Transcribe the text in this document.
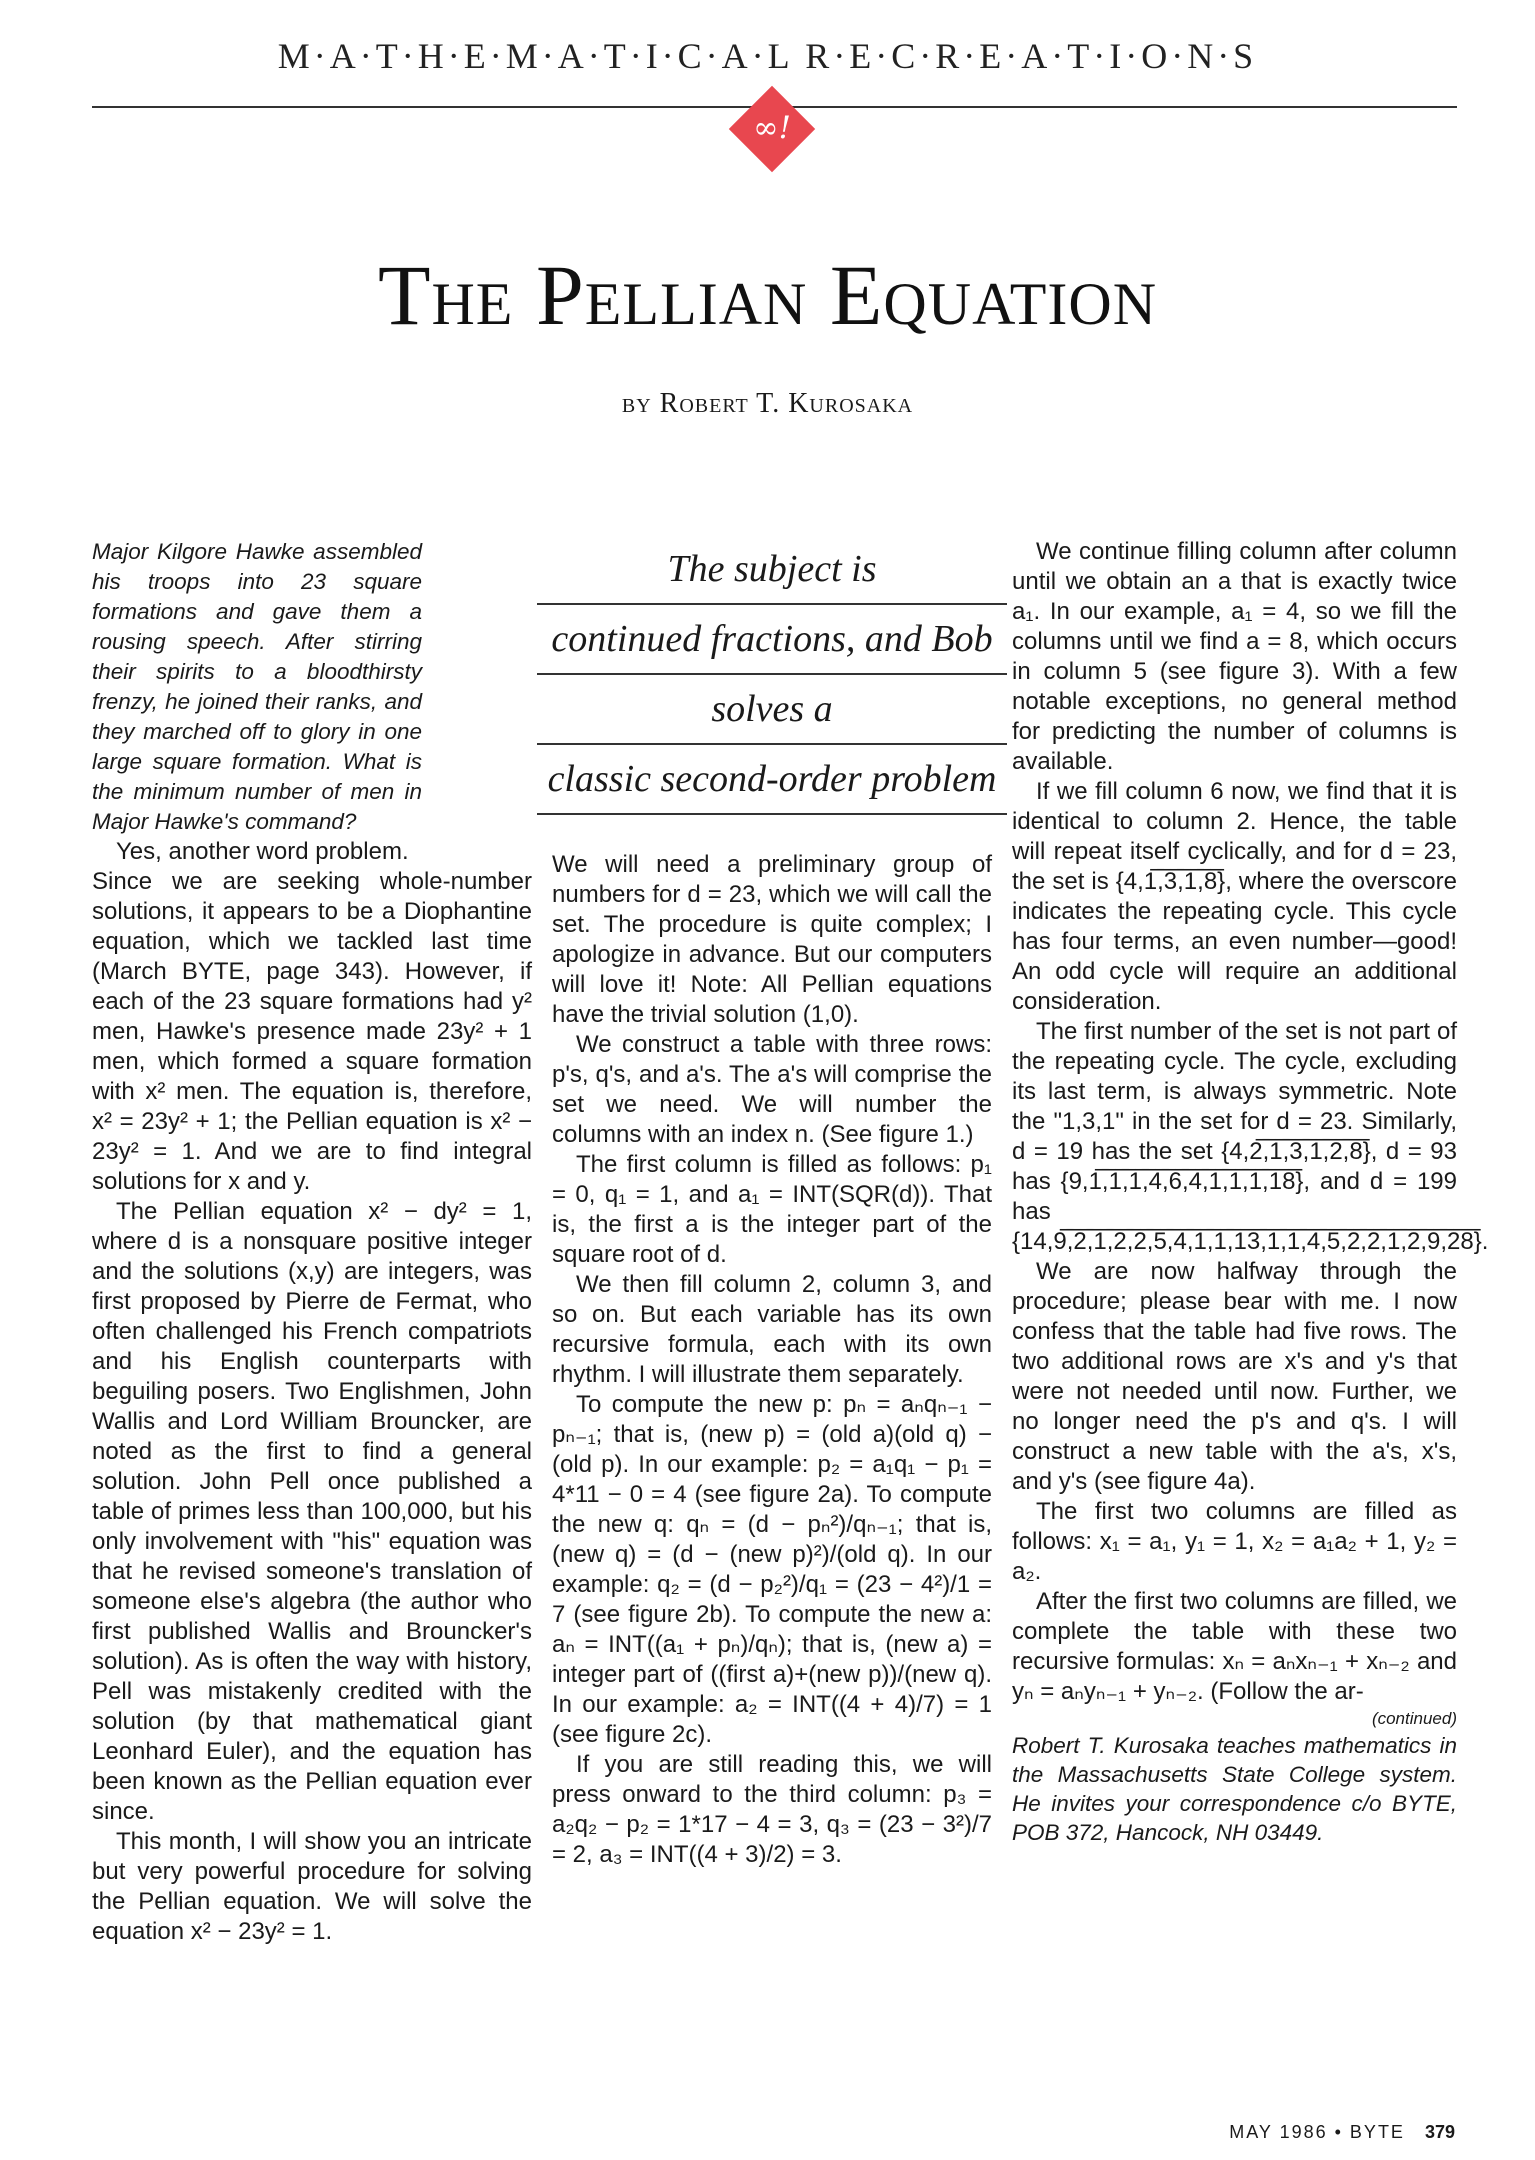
M·A·T·H·E·M·A·T·I·C·A·L R·E·C·R·E·A·T·I·O·N·S
∞!
The Pellian Equation
by Robert T. Kurosaka
The subject is
continued fractions, and Bob
solves a
classic second-order problem

Major Kilgore Hawke assembled his troops into 23 square formations and gave them a rousing speech. After stirring their spirits to a bloodthirsty frenzy, he joined their ranks, and they marched off to glory in one large square formation. What is the minimum number of men in Major Hawke's command?

Yes, another word problem.

Since we are seeking whole-number solutions, it appears to be a Diophantine equation, which we tackled last time (March BYTE, page 343). However, if each of the 23 square formations had y² men, Hawke's presence made 23y² + 1 men, which formed a square formation with x² men. The equation is, therefore, x² = 23y² + 1; the Pellian equation is x² − 23y² = 1. And we are to find integral solutions for x and y.

The Pellian equation x² − dy² = 1, where d is a nonsquare positive integer and the solutions (x,y) are integers, was first proposed by Pierre de Fermat, who often challenged his French compatriots and his English counterparts with beguiling posers. Two Englishmen, John Wallis and Lord William Brouncker, are noted as the first to find a general solution. John Pell once published a table of primes less than 100,000, but his only involvement with "his" equation was that he revised someone's translation of someone else's algebra (the author who first published Wallis and Brouncker's solution). As is often the way with history, Pell was mistakenly credited with the solution (by that mathematical giant Leonhard Euler), and the equation has been known as the Pellian equation ever since.

This month, I will show you an intricate but very powerful procedure for solving the Pellian equation. We will solve the equation x² − 23y² = 1.

We will need a preliminary group of numbers for d = 23, which we will call the set. The procedure is quite complex; I apologize in advance. But our computers will love it! Note: All Pellian equations have the trivial solution (1,0).

We construct a table with three rows: p's, q's, and a's. The a's will comprise the set we need. We will number the columns with an index n. (See figure 1.)

The first column is filled as follows: p₁ = 0, q₁ = 1, and a₁ = INT(SQR(d)). That is, the first a is the integer part of the square root of d.

We then fill column 2, column 3, and so on. But each variable has its own recursive formula, each with its own rhythm. I will illustrate them separately.

To compute the new p: pₙ = aₙqₙ₋₁ − pₙ₋₁; that is, (new p) = (old a)(old q) − (old p). In our example: p₂ = a₁q₁ − p₁ = 4*11 − 0 = 4 (see figure 2a). To compute the new q: qₙ = (d − pₙ²)/qₙ₋₁; that is, (new q) = (d − (new p)²)/(old q). In our example: q₂ = (d − p₂²)/q₁ = (23 − 4²)/1 = 7 (see figure 2b). To compute the new a: aₙ = INT((a₁ + pₙ)/qₙ); that is, (new a) = integer part of ((first a)+(new p))/(new q). In our example: a₂ = INT((4 + 4)/7) = 1 (see figure 2c).

If you are still reading this, we will press onward to the third column: p₃ = a₂q₂ − p₂ = 1*17 − 4 = 3, q₃ = (23 − 3²)/7 = 2, a₃ = INT((4 + 3)/2) = 3.

We continue filling column after column until we obtain an a that is exactly twice a₁. In our example, a₁ = 4, so we fill the columns until we find a = 8, which occurs in column 5 (see figure 3). With a few notable exceptions, no general method for predicting the number of columns is available.

If we fill column 6 now, we find that it is identical to column 2. Hence, the table will repeat itself cyclically, and for d = 23, the set is {4,1̅,̅3̅,̅1̅,̅8̅}, where the overscore indicates the repeating cycle. This cycle has four terms, an even number—good! An odd cycle will require an additional consideration.

The first number of the set is not part of the repeating cycle. The cycle, excluding its last term, is always symmetric. Note the "1,3,1" in the set for d = 23. Similarly, d = 19 has the set {4,2̅,̅1̅,̅3̅,̅1̅,̅2̅,̅8̅}, d = 93 has {9,1̅,̅1̅,̅1̅,̅4̅,̅6̅,̅4̅,̅1̅,̅1̅,̅1̅,̅1̅8̅}, and d = 199 has {14,9̅,̅2̅,̅1̅,̅2̅,̅2̅,̅5̅,̅4̅,̅1̅,̅1̅,̅1̅3̅,̅1̅,̅1̅,̅4̅,̅5̅,̅2̅,̅2̅,̅1̅,̅2̅,̅9̅,̅2̅8̅}.

We are now halfway through the procedure; please bear with me. I now confess that the table had five rows. The two additional rows are x's and y's that were not needed until now. Further, we no longer need the p's and q's. I will construct a new table with the a's, x's, and y's (see figure 4a).

The first two columns are filled as follows: x₁ = a₁, y₁ = 1, x₂ = a₁a₂ + 1, y₂ = a₂.

After the first two columns are filled, we complete the table with these two recursive formulas: xₙ = aₙxₙ₋₁ + xₙ₋₂ and yₙ = aₙyₙ₋₁ + yₙ₋₂. (Follow the ar-

(continued)

Robert T. Kurosaka teaches mathematics in the Massachusetts State College system. He invites your correspondence c/o BYTE, POB 372, Hancock, NH 03449.

MAY 1986 • BYTE 379
